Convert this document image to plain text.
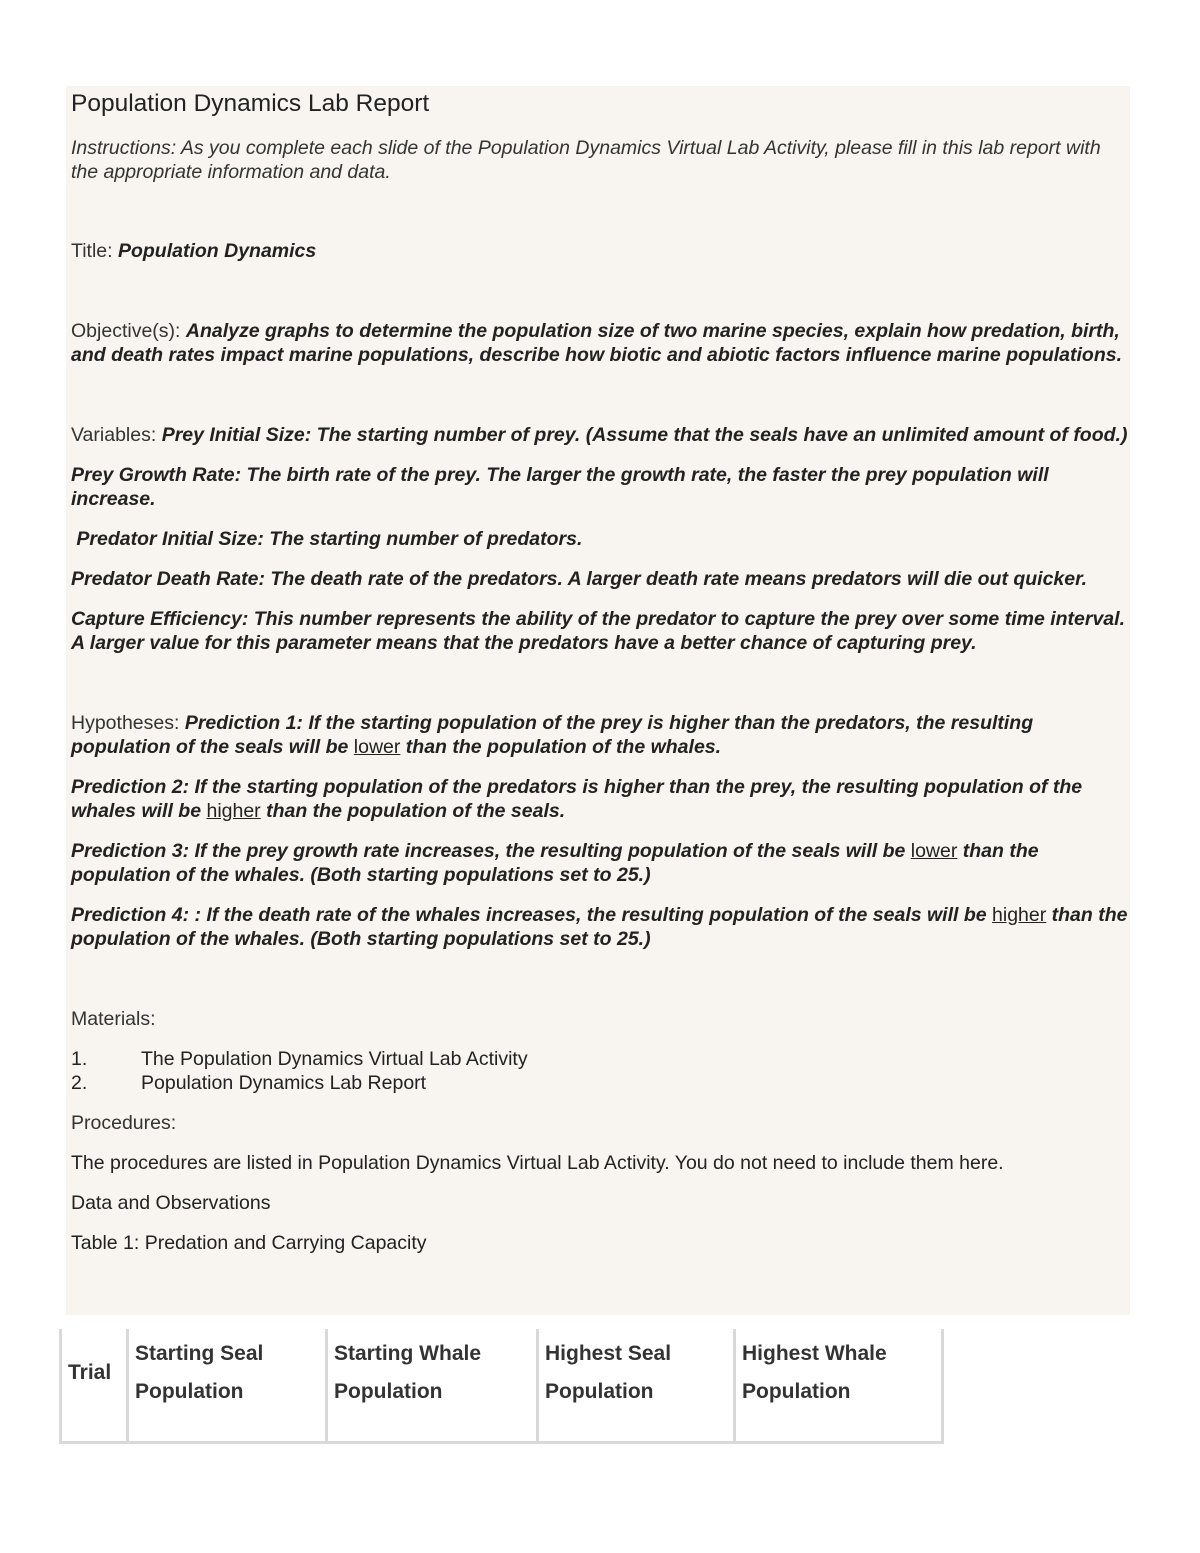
Population Dynamics Lab Report

Instructions: As you complete each slide of the Population Dynamics Virtual Lab Activity, please fill in this lab report with the appropriate information and data.

Title: Population Dynamics

Objective(s): Analyze graphs to determine the population size of two marine species, explain how predation, birth, and death rates impact marine populations, describe how biotic and abiotic factors influence marine populations.

Variables: Prey Initial Size: The starting number of prey. (Assume that the seals have an unlimited amount of food.)

Prey Growth Rate: The birth rate of the prey. The larger the growth rate, the faster the prey population will increase.

Predator Initial Size: The starting number of predators.

Predator Death Rate: The death rate of the predators. A larger death rate means predators will die out quicker.

Capture Efficiency: This number represents the ability of the predator to capture the prey over some time interval. A larger value for this parameter means that the predators have a better chance of capturing prey.

Hypotheses: Prediction 1: If the starting population of the prey is higher than the predators, the resulting population of the seals will be lower than the population of the whales.

Prediction 2: If the starting population of the predators is higher than the prey, the resulting population of the whales will be higher than the population of the seals.

Prediction 3: If the prey growth rate increases, the resulting population of the seals will be lower than the population of the whales. (Both starting populations set to 25.)

Prediction 4: : If the death rate of the whales increases, the resulting population of the seals will be higher than the population of the whales. (Both starting populations set to 25.)

Materials:

1.	The Population Dynamics Virtual Lab Activity
2.	Population Dynamics Lab Report

Procedures:

The procedures are listed in Population Dynamics Virtual Lab Activity. You do not need to include them here.

Data and Observations

Table 1: Predation and Carrying Capacity

Trial	Starting Seal Population	Starting Whale Population	Highest Seal Population	Highest Whale Population
